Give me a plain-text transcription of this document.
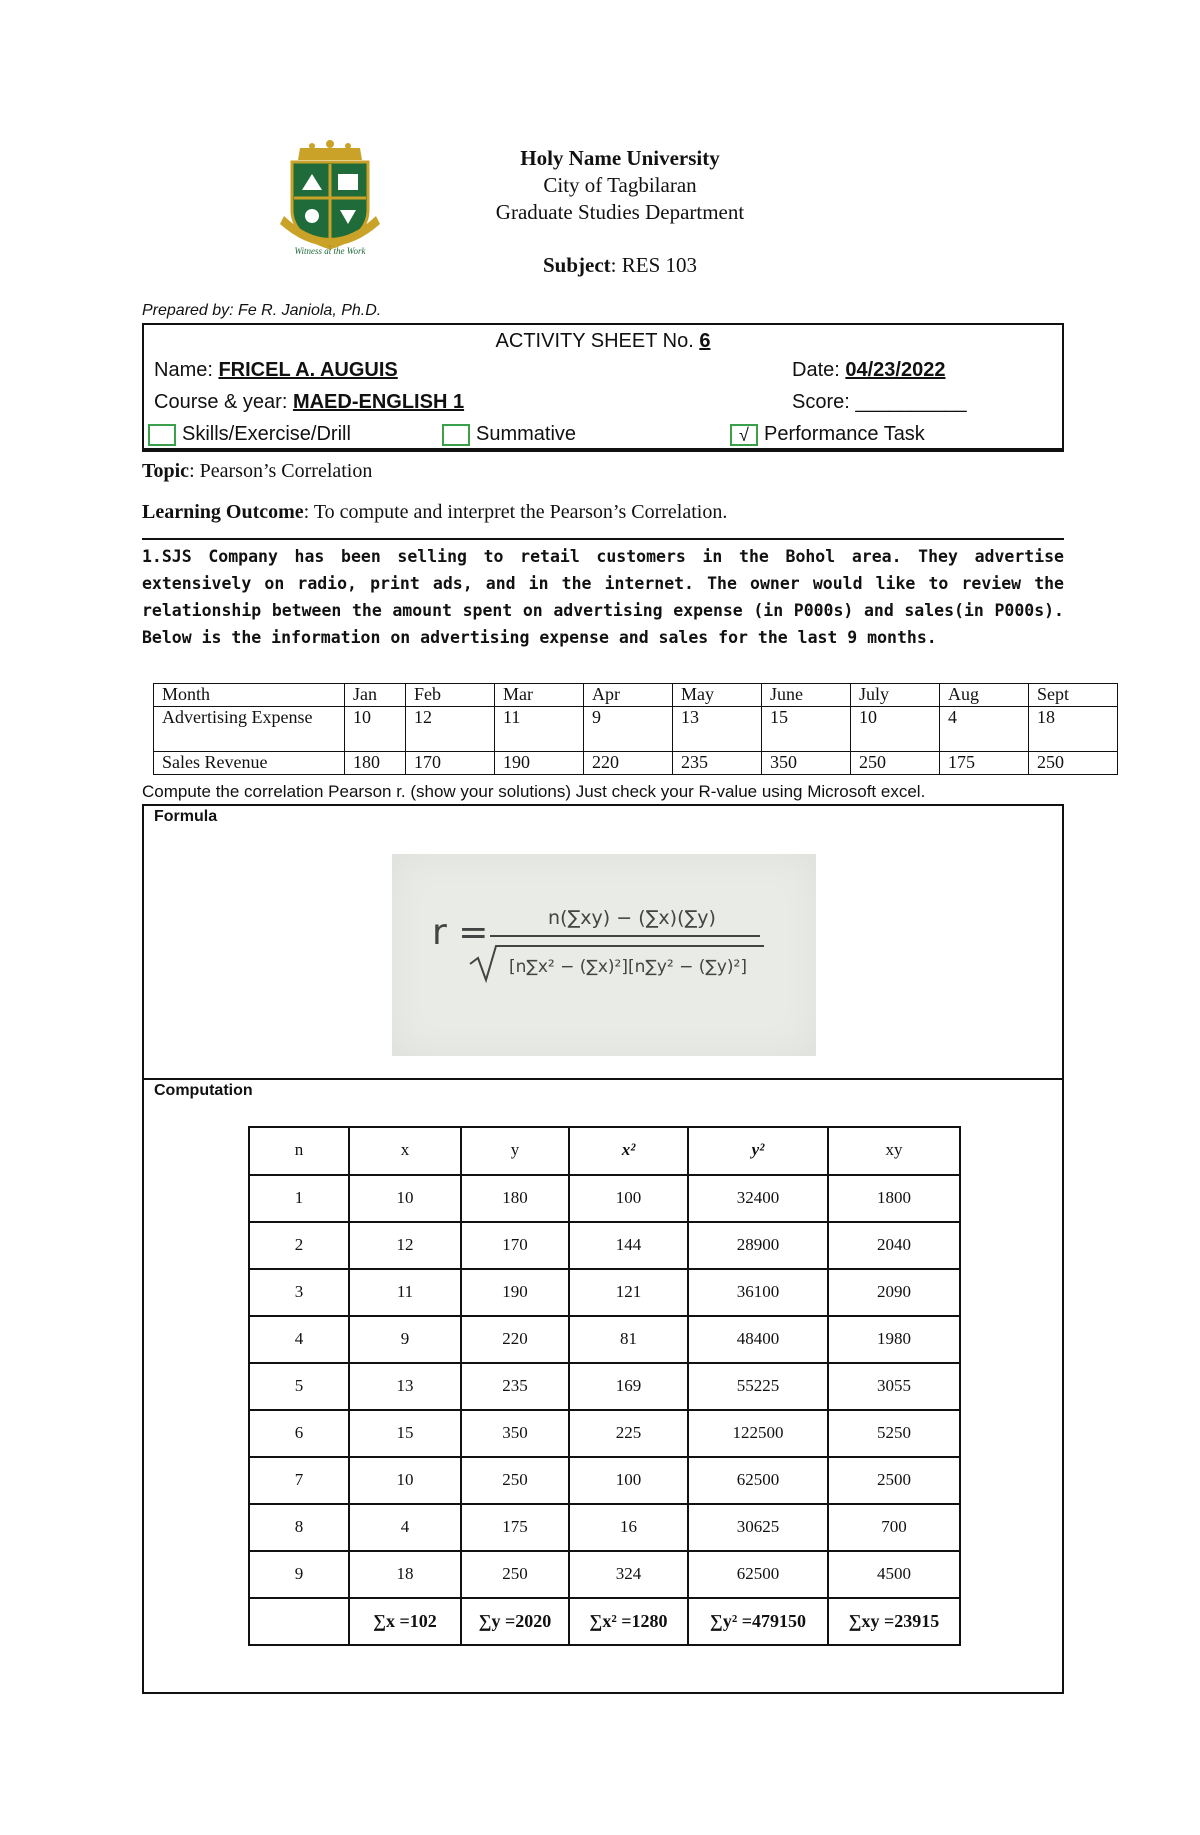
Witness at the Work
Holy Name University
City of Tagbilaran
Graduate Studies Department
Subject: RES 103
Prepared by: Fe R. Janiola, Ph.D.
ACTIVITY SHEET No. 6
Name: FRICEL A. AUGUIS	Date: 04/23/2022
Course & year: MAED-ENGLISH 1	Score: __________
Skills/Exercise/Drill	Summative	√ Performance Task
Topic: Pearson’s Correlation
Learning Outcome: To compute and interpret the Pearson’s Correlation.
1.SJS Company has been selling to retail customers in the Bohol area. They advertise extensively on radio, print ads, and in the internet. The owner would like to review the relationship between the amount spent on advertising expense (in P000s) and sales(in P000s). Below is the information on advertising expense and sales for the last 9 months.
Month	Jan	Feb	Mar	Apr	May	June	July	Aug	Sept
Advertising Expense	10	12	11	9	13	15	10	4	18
Sales Revenue	180	170	190	220	235	350	250	175	250
Compute the correlation Pearson r. (show your solutions) Just check your R-value using Microsoft excel.
Formula
r =	n(∑xy) − (∑x)(∑y)
[n∑x² − (∑x)²][n∑y² − (∑y)²]
Computation
n	x	y	x²	y²	xy
1	10	180	100	32400	1800
2	12	170	144	28900	2040
3	11	190	121	36100	2090
4	9	220	81	48400	1980
5	13	235	169	55225	3055
6	15	350	225	122500	5250
7	10	250	100	62500	2500
8	4	175	16	30625	700
9	18	250	324	62500	4500
	∑x =102	∑y =2020	∑x² =1280	∑y² =479150	∑xy =23915
